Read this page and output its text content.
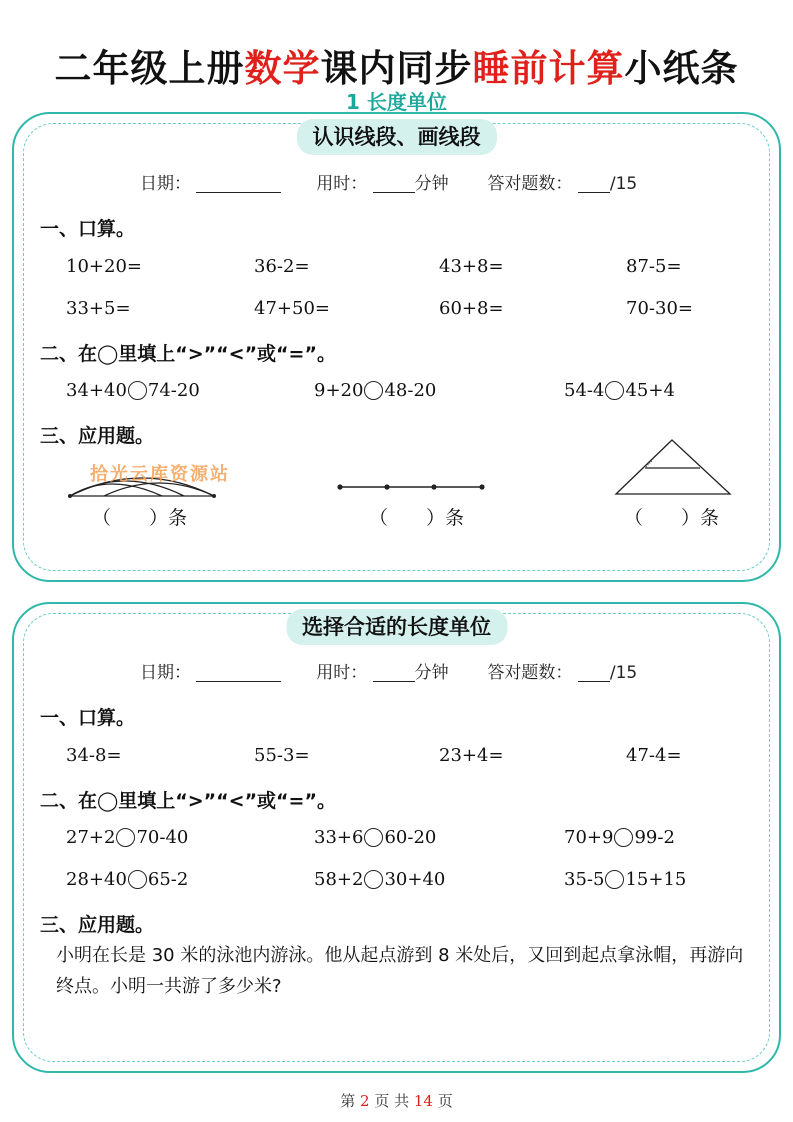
二年级上册数学课内同步睡前计算小纸条
1 长度单位
认识线段、画线段
日期：	用时：	分钟 答对题数： /15
一、口算。
10+20=	36-2=	43+8=	87-5=
33+5=	47+50=	60+8=	70-30=
二、在◯里填上“>”“<”或“=”。
34+40 74-20	9+20 48-20	54-4 45+4
三、应用题。
（　　）条	（　　）条	（　　）条
拾光云库资源站
选择合适的长度单位
日期：	用时：	分钟 答对题数： /15
一、口算。
34-8=	55-3=	23+4=	47-4=
二、在◯里填上“>”“<”或“=”。
27+2 70-40	33+6 60-20	70+9 99-2
28+40 65-2	58+2 30+40	35-5 15+15
三、应用题。
小明在长是 30 米的泳池内游泳。他从起点游到 8 米处后，又回到起点拿泳帽，再游向终点。小明一共游了多少米?
第 2 页 共 14 页
